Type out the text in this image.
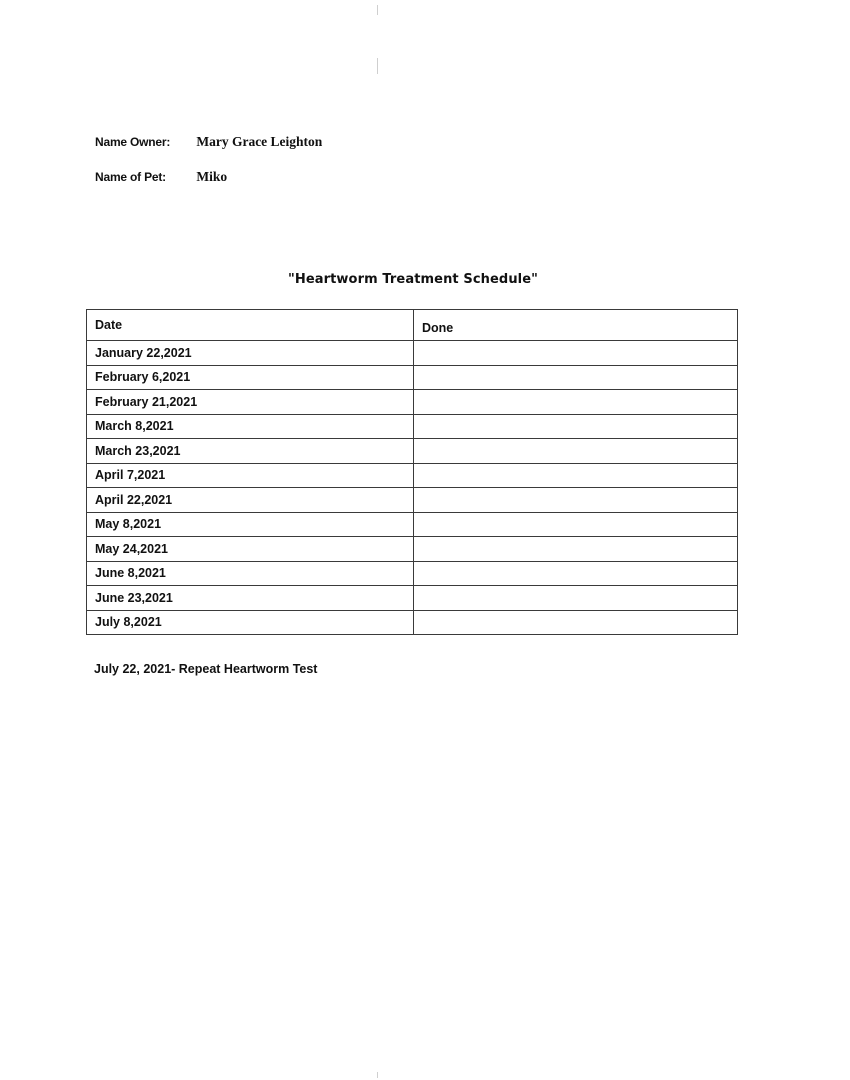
Name Owner: Mary Grace Leighton
Name of Pet: Miko
"Heartworm Treatment Schedule"
Date	Done
January 22,2021	
February 6,2021	
February 21,2021	
March 8,2021	
March 23,2021	
April 7,2021	
April 22,2021	
May 8,2021	
May 24,2021	
June 8,2021	
June 23,2021	
July 8,2021	
July 22, 2021- Repeat Heartworm Test
